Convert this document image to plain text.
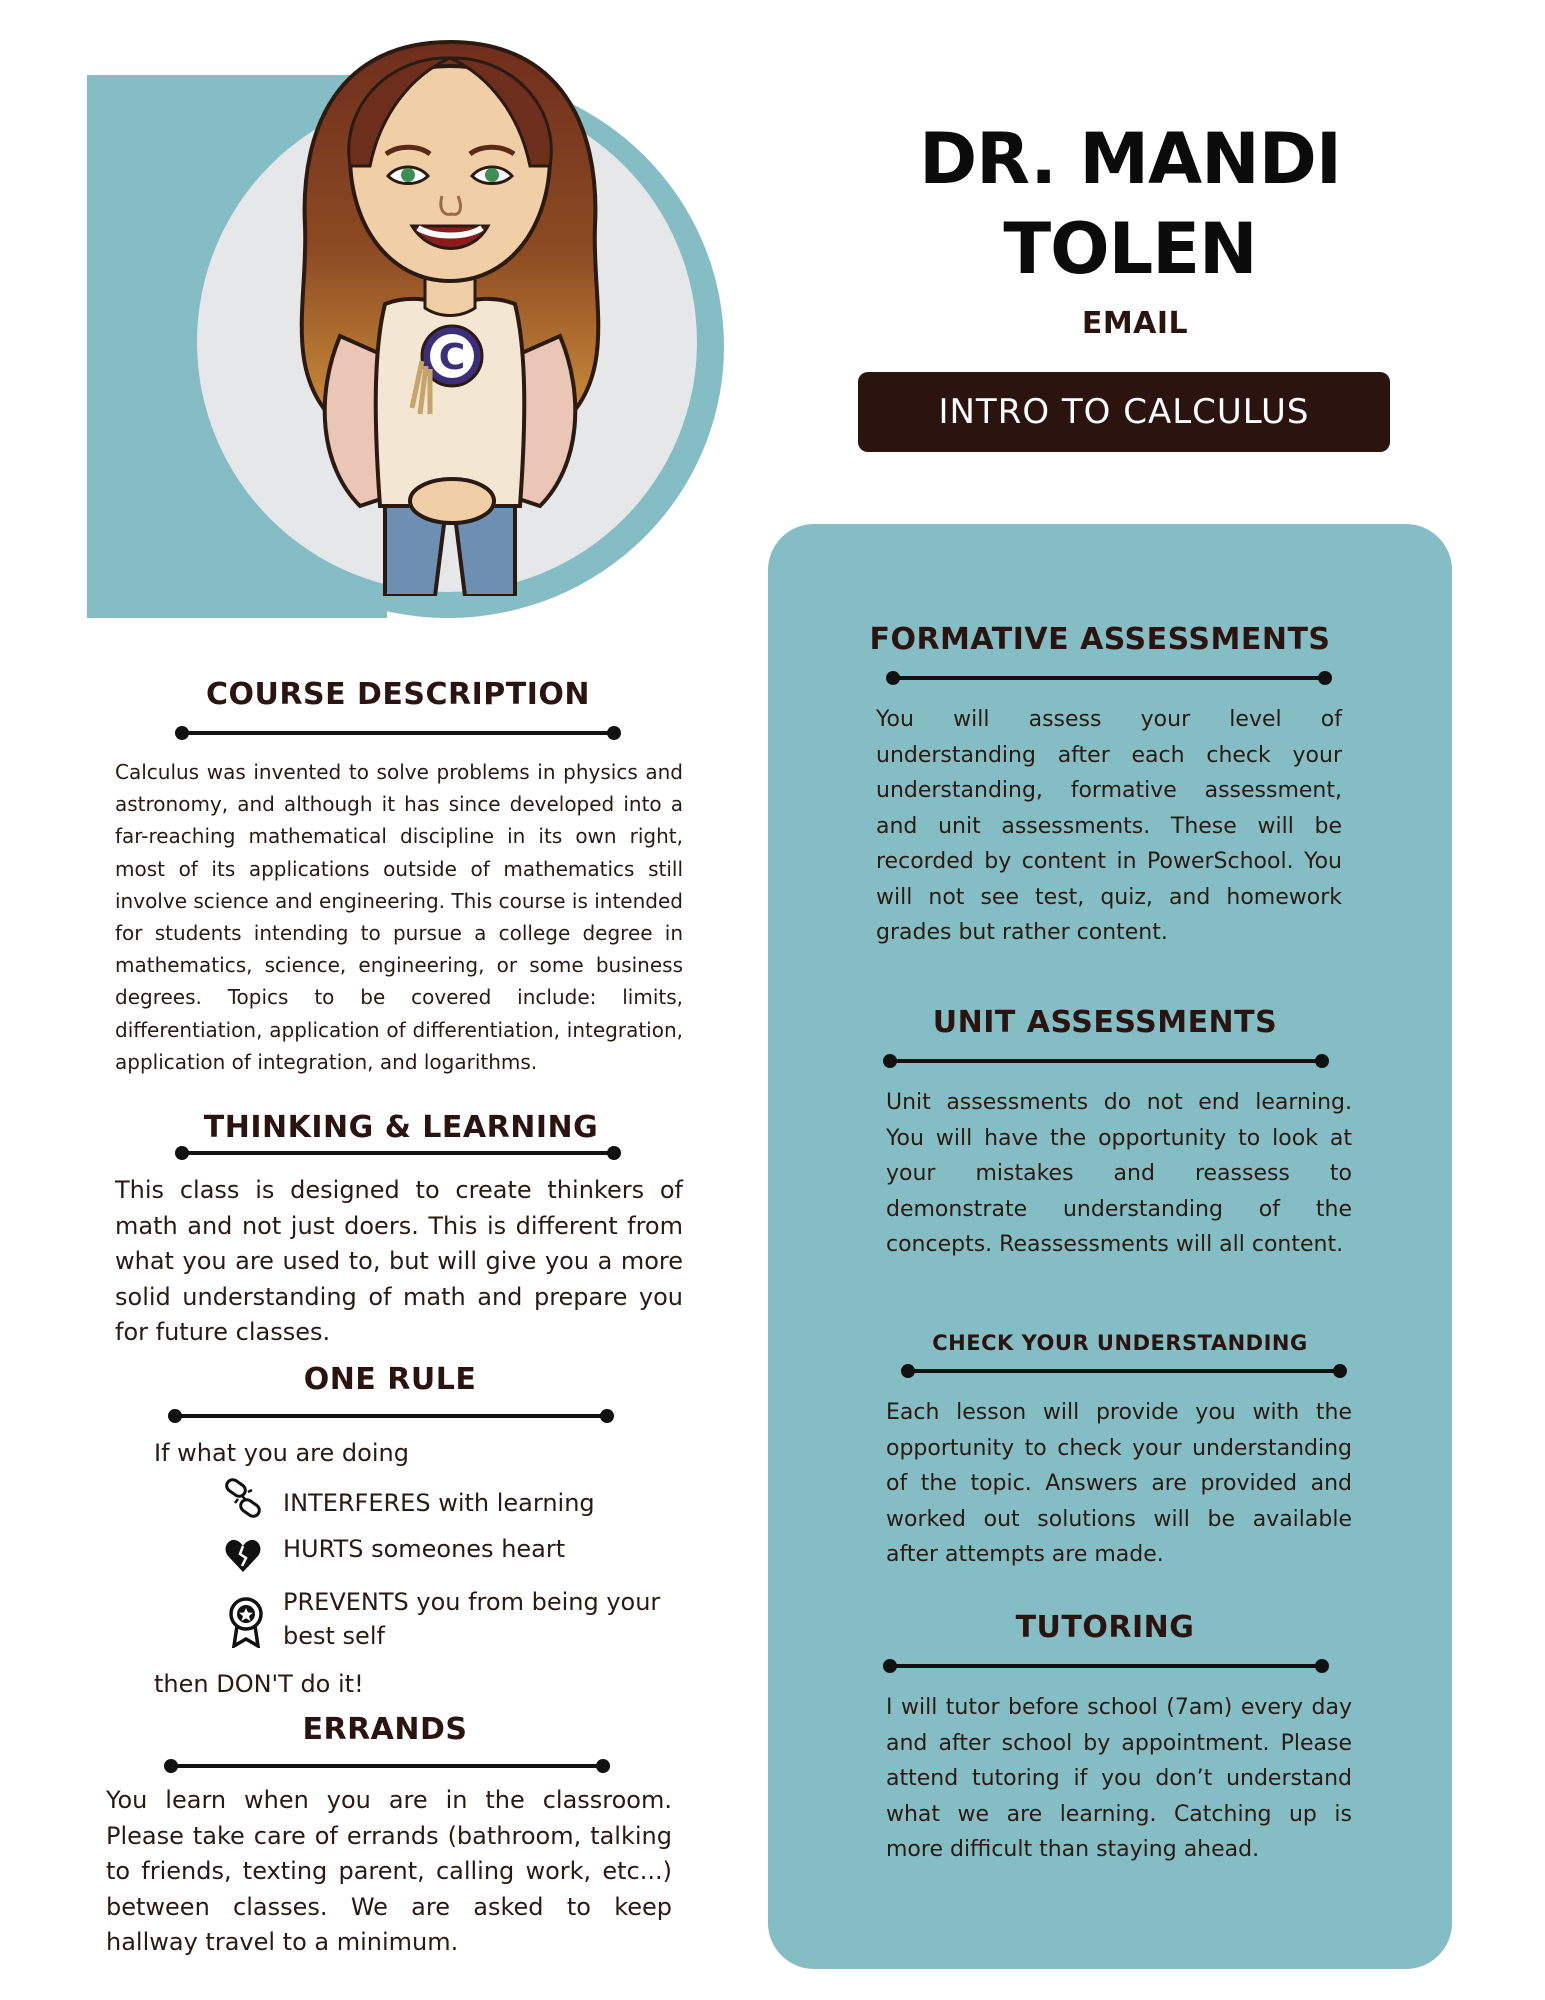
C
DR. MANDI
TOLEN
EMAIL
INTRO TO CALCULUS
FORMATIVE ASSESSMENTS

You will assess your level of understanding after each check your understanding, formative assessment, and unit assessments. These will be recorded by content in PowerSchool. You will not see test, quiz, and homework grades but rather content.

UNIT ASSESSMENTS

Unit assessments do not end learning. You will have the opportunity to look at your mistakes and reassess to demonstrate understanding of the concepts. Reassessments will all content.

CHECK YOUR UNDERSTANDING

Each lesson will provide you with the opportunity to check your understanding of the topic. Answers are provided and worked out solutions will be available after attempts are made.

TUTORING

I will tutor before school (7am) every day and after school by appointment. Please attend tutoring if you don’t understand what we are learning. Catching up is more difficult than staying ahead.

COURSE DESCRIPTION

Calculus was invented to solve problems in physics and astronomy, and although it has since developed into a far-reaching mathematical discipline in its own right, most of its applications outside of mathematics still involve science and engineering. This course is intended for students intending to pursue a college degree in mathematics, science, engineering, or some business degrees. Topics to be covered include: limits, differentiation, application of differentiation, integration, application of integration, and logarithms.

THINKING & LEARNING

This class is designed to create thinkers of math and not just doers. This is different from what you are used to, but will give you a more solid understanding of math and prepare you for future classes.

ONE RULE
If what you are doing
INTERFERES with learning
HURTS someones heart
PREVENTS you from being your best self
then DON'T do it!
ERRANDS

You learn when you are in the classroom. Please take care of errands (bathroom, talking to friends, texting parent, calling work, etc...) between classes. We are asked to keep hallway travel to a minimum.
